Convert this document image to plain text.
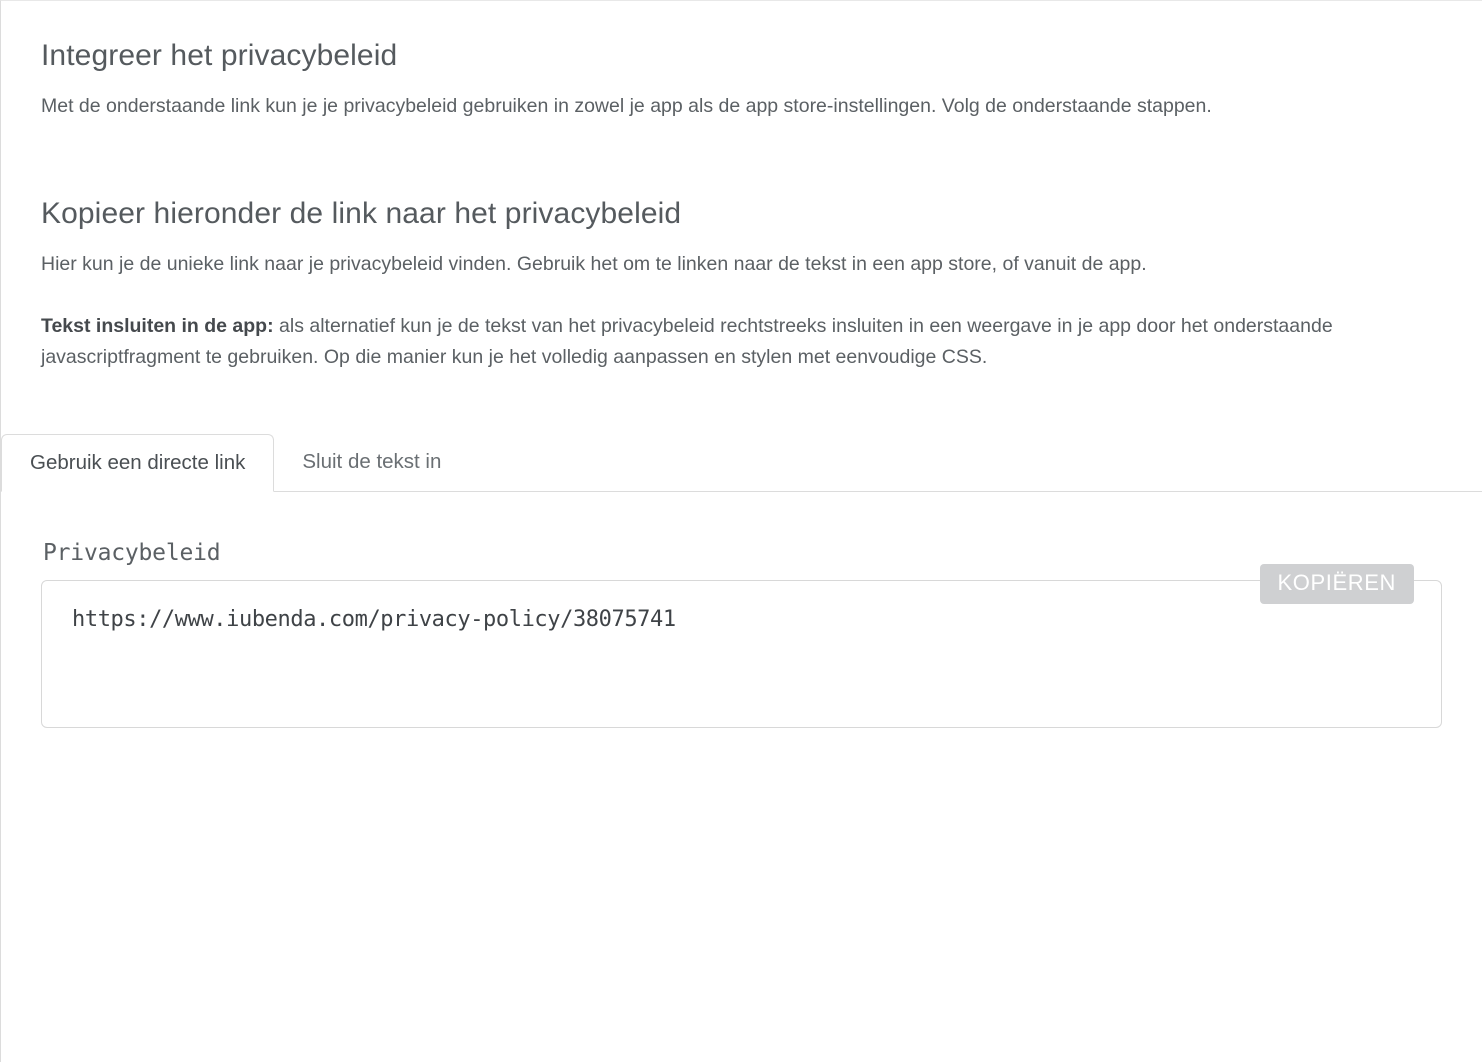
Integreer het privacybeleid

Met de onderstaande link kun je je privacybeleid gebruiken in zowel je app als de app store-instellingen. Volg de onderstaande stappen.

Kopieer hieronder de link naar het privacybeleid

Hier kun je de unieke link naar je privacybeleid vinden. Gebruik het om te linken naar de tekst in een app store, of vanuit de app.

Tekst insluiten in de app: als alternatief kun je de tekst van het privacybeleid rechtstreeks insluiten in een weergave in je app door het onderstaande javascriptfragment te gebruiken. Op die manier kun je het volledig aanpassen en stylen met eenvoudige CSS.

Gebruik een directe link	Sluit de tekst in
Privacybeleid
https://www.iubenda.com/privacy-policy/38075741
KOPIËREN
